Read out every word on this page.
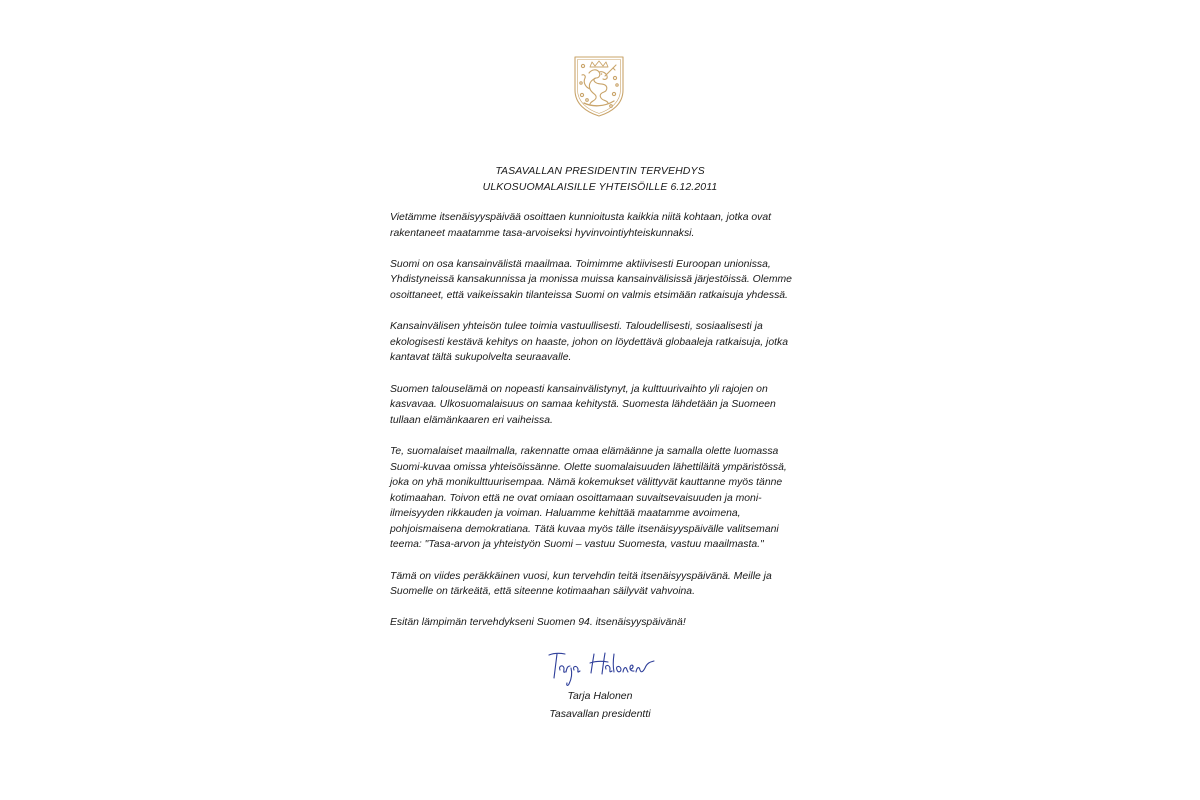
TASAVALLAN PRESIDENTIN TERVEHDYS
ULKOSUOMALAISILLE YHTEISÖILLE 6.12.2011
Vietämme itsenäisyyspäivää osoittaen kunnioitusta kaikkia niitä kohtaan, jotka ovat
rakentaneet maatamme tasa-arvoiseksi hyvinvointiyhteiskunnaksi.
Suomi on osa kansainvälistä maailmaa. Toimimme aktiivisesti Euroopan unionissa,
Yhdistyneissä kansakunnissa ja monissa muissa kansainvälisissä järjestöissä. Olemme
osoittaneet, että vaikeissakin tilanteissa Suomi on valmis etsimään ratkaisuja yhdessä.
Kansainvälisen yhteisön tulee toimia vastuullisesti. Taloudellisesti, sosiaalisesti ja
ekologisesti kestävä kehitys on haaste, johon on löydettävä globaaleja ratkaisuja, jotka
kantavat tältä sukupolvelta seuraavalle.
Suomen talouselämä on nopeasti kansainvälistynyt, ja kulttuurivaihto yli rajojen on
kasvavaa. Ulkosuomalaisuus on samaa kehitystä. Suomesta lähdetään ja Suomeen
tullaan elämänkaaren eri vaiheissa.
Te, suomalaiset maailmalla, rakennatte omaa elämäänne ja samalla olette luomassa
Suomi-kuvaa omissa yhteisöissänne. Olette suomalaisuuden lähettiläitä ympäristössä,
joka on yhä monikulttuurisempaa. Nämä kokemukset välittyvät kauttanne myös tänne
kotimaahan. Toivon että ne ovat omiaan osoittamaan suvaitsevaisuuden ja moni-
ilmeisyyden rikkauden ja voiman. Haluamme kehittää maatamme avoimena,
pohjoismaisena demokratiana. Tätä kuvaa myös tälle itsenäisyyspäivälle valitsemani
teema: "Tasa-arvon ja yhteistyön Suomi – vastuu Suomesta, vastuu maailmasta."
Tämä on viides peräkkäinen vuosi, kun tervehdin teitä itsenäisyyspäivänä. Meille ja
Suomelle on tärkeätä, että siteenne kotimaahan säilyvät vahvoina.
Esitän lämpimän tervehdykseni Suomen 94. itsenäisyyspäivänä!
Tarja Halonen
Tasavallan presidentti
